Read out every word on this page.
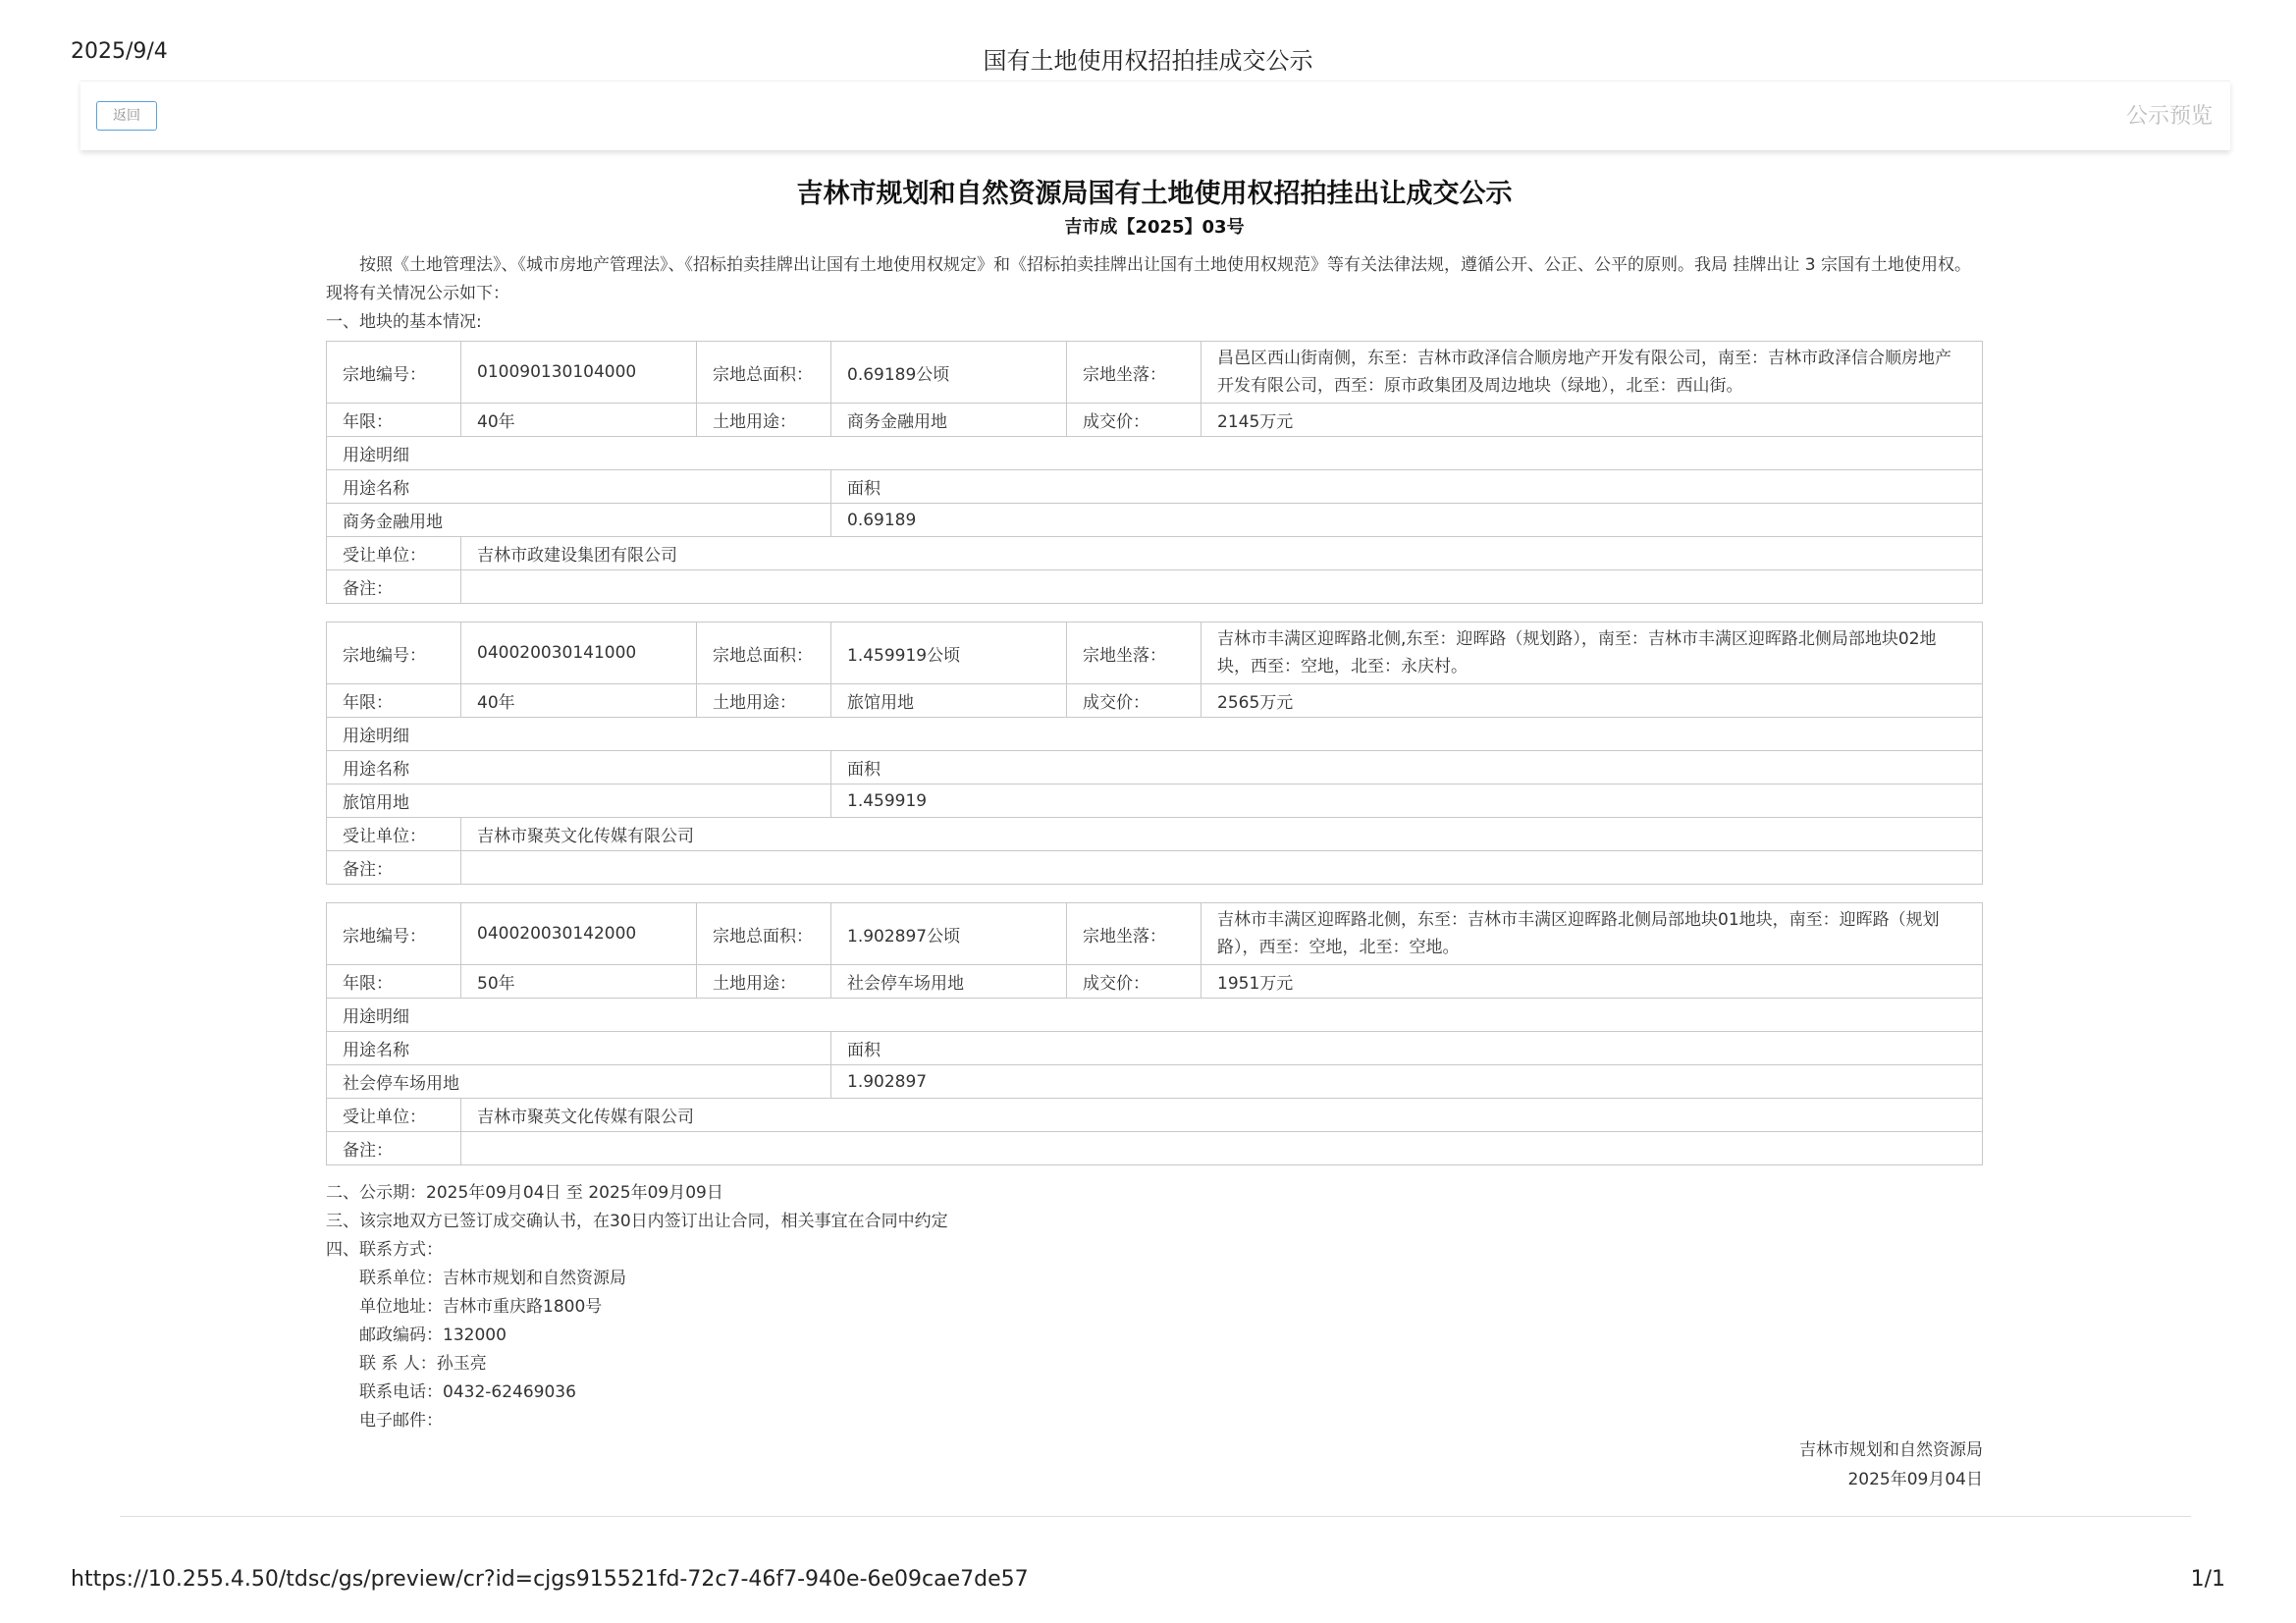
2025/9/4	国有土地使用权招拍挂成交公示
返回	公示预览
吉林市规划和自然资源局国有土地使用权招拍挂出让成交公示
吉市成【2025】03号
按照《土地管理法》、《城市房地产管理法》、《招标拍卖挂牌出让国有土地使用权规定》和《招标拍卖挂牌出让国有土地使用权规范》等有关法律法规，遵循公开、公正、公平的原则。我局 挂牌出让 3 宗国有土地使用权。
现将有关情况公示如下：
一、地块的基本情况:
宗地编号：	010090130104000	宗地总面积：	0.69189公顷	宗地坐落：	昌邑区西山街南侧，东至：吉林市政泽信合顺房地产开发有限公司，南至：吉林市政泽信合顺房地产开发有限公司，西至：原市政集团及周边地块（绿地），北至：西山街。
年限：	40年	土地用途：	商务金融用地	成交价：	2145万元
用途明细
用途名称	面积
商务金融用地	0.69189
受让单位：	吉林市政建设集团有限公司
备注：	
宗地编号：	040020030141000	宗地总面积：	1.459919公顷	宗地坐落：	吉林市丰满区迎晖路北侧,东至：迎晖路（规划路），南至：吉林市丰满区迎晖路北侧局部地块02地块，西至：空地，北至：永庆村。
年限：	40年	土地用途：	旅馆用地	成交价：	2565万元
用途明细
用途名称	面积
旅馆用地	1.459919
受让单位：	吉林市聚英文化传媒有限公司
备注：	
宗地编号：	040020030142000	宗地总面积：	1.902897公顷	宗地坐落：	吉林市丰满区迎晖路北侧，东至：吉林市丰满区迎晖路北侧局部地块01地块，南至：迎晖路（规划路），西至：空地，北至：空地。
年限：	50年	土地用途：	社会停车场用地	成交价：	1951万元
用途明细
用途名称	面积
社会停车场用地	1.902897
受让单位：	吉林市聚英文化传媒有限公司
备注：	
二、公示期：2025年09月04日 至 2025年09月09日
三、该宗地双方已签订成交确认书，在30日内签订出让合同，相关事宜在合同中约定
四、联系方式：
联系单位：吉林市规划和自然资源局
单位地址：吉林市重庆路1800号
邮政编码：132000
联 系 人：孙玉亮
联系电话：0432-62469036
电子邮件：
吉林市规划和自然资源局
2025年09月04日
https://10.255.4.50/tdsc/gs/preview/cr?id=cjgs915521fd-72c7-46f7-940e-6e09cae7de57	1/1
